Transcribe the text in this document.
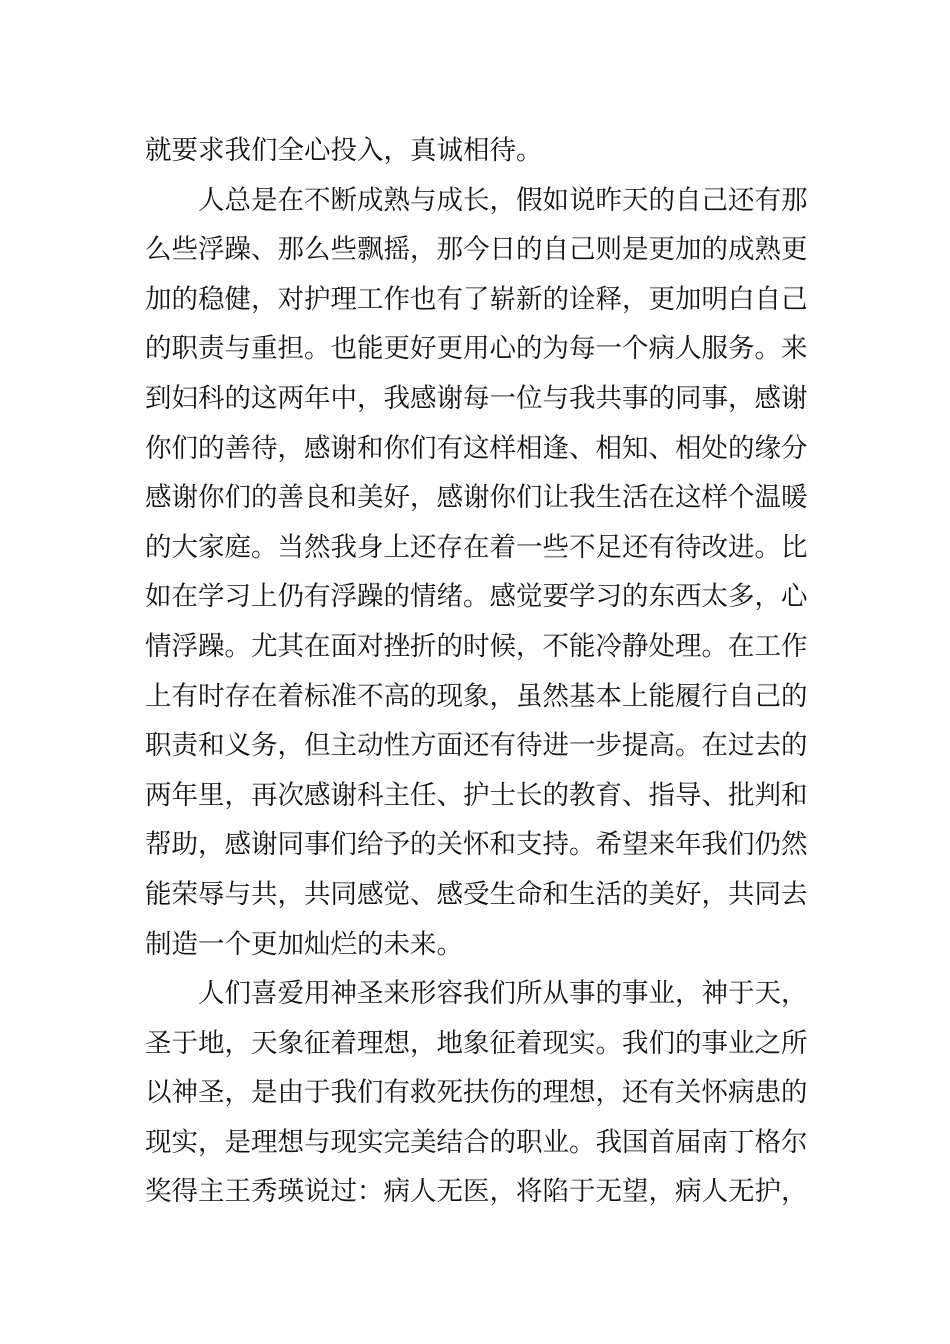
就要求我们全心投入，真诚相待。
人总是在不断成熟与成长，假如说昨天的自己还有那
么些浮躁、那么些飘摇，那今日的自己则是更加的成熟更
加的稳健，对护理工作也有了崭新的诠释，更加明白自己
的职责与重担。也能更好更用心的为每一个病人服务。来
到妇科的这两年中，我感谢每一位与我共事的同事，感谢
你们的善待，感谢和你们有这样相逢、相知、相处的缘分
感谢你们的善良和美好，感谢你们让我生活在这样个温暖
的大家庭。当然我身上还存在着一些不足还有待改进。比
如在学习上仍有浮躁的情绪。感觉要学习的东西太多，心
情浮躁。尤其在面对挫折的时候，不能冷静处理。在工作
上有时存在着标准不高的现象，虽然基本上能履行自己的
职责和义务，但主动性方面还有待进一步提高。在过去的
两年里，再次感谢科主任、护士长的教育、指导、批判和
帮助，感谢同事们给予的关怀和支持。希望来年我们仍然
能荣辱与共，共同感觉、感受生命和生活的美好，共同去
制造一个更加灿烂的未来。
人们喜爱用神圣来形容我们所从事的事业，神于天，
圣于地，天象征着理想，地象征着现实。我们的事业之所
以神圣，是由于我们有救死扶伤的理想，还有关怀病患的
现实，是理想与现实完美结合的职业。我国首届南丁格尔
奖得主王秀瑛说过：病人无医，将陷于无望，病人无护，
